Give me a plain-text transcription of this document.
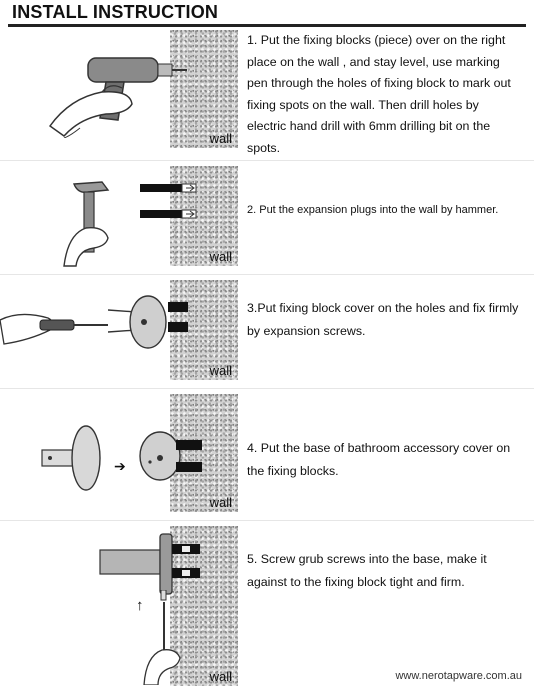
INSTALL INSTRUCTION
wall
1. Put the fixing blocks (piece) over on the right place on the wall , and stay level, use marking pen through the holes of fixing block to mark out fixing spots on the wall. Then drill holes by electric hand drill with 6mm drilling bit on the spots.
wall
2. Put the expansion plugs into the wall by hammer.
wall
3.Put fixing block cover on the holes and fix firmly by expansion screws.
wall
➔
4. Put the base of bathroom accessory cover on the fixing blocks.
wall
↑
5. Screw grub screws into the base, make it against to the fixing block tight and firm.
www.nerotapware.com.au
